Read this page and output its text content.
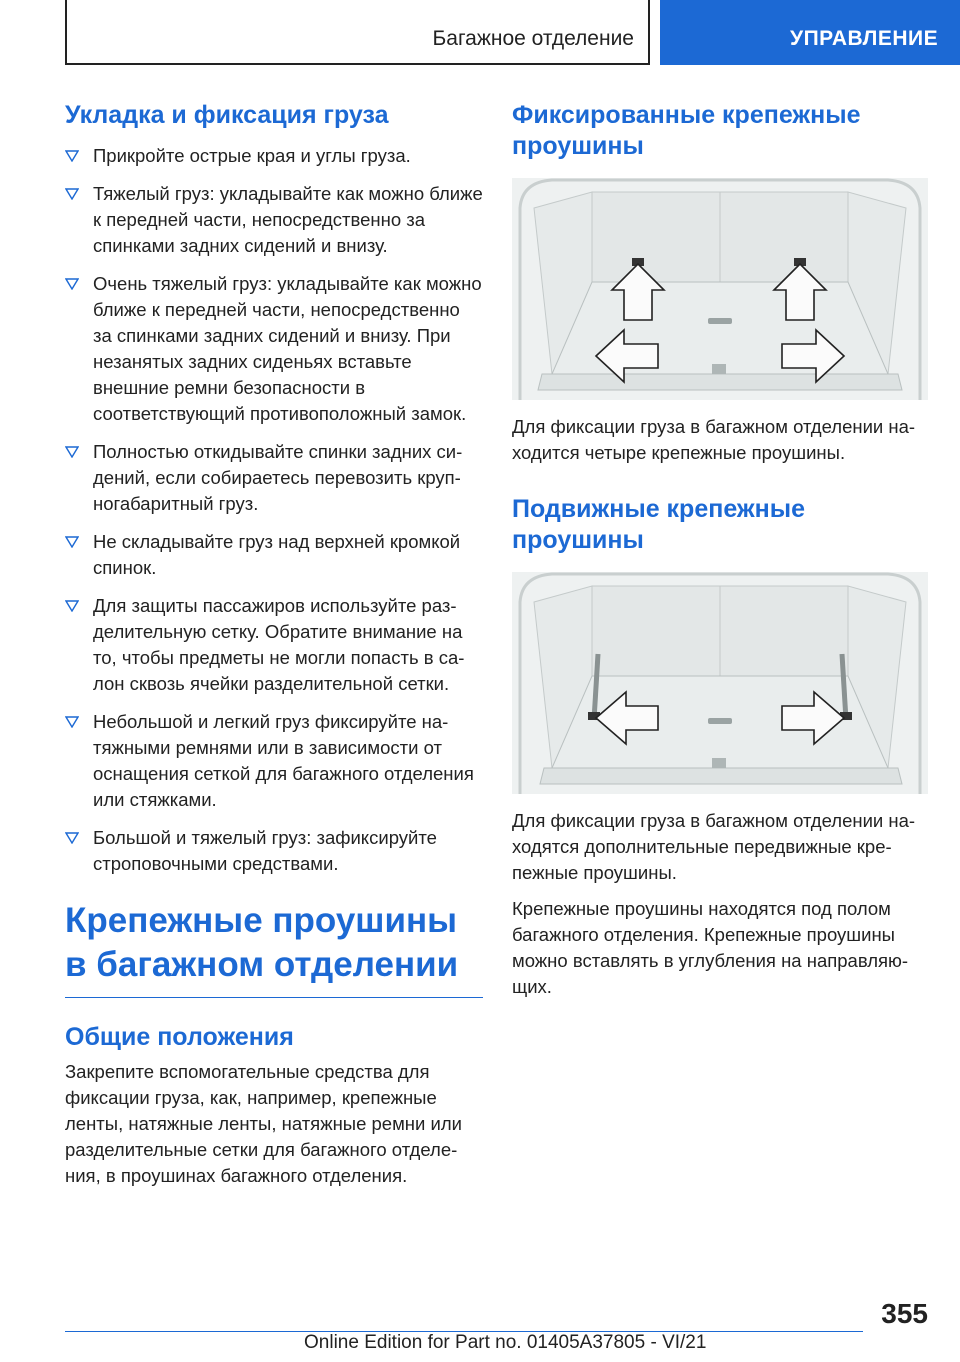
Багажное отделение	УПРАВЛЕНИЕ
Укладка и фиксация груза
Прикройте острые края и углы груза.
Тяжелый груз: укладывайте как можно ближе к передней части, непосредственно за спинками задних сидений и внизу.
Очень тяжелый груз: укладывайте как можно ближе к передней части, непосредственно за спинками задних сидений и внизу. При незанятых задних сиденьях вставьте внешние ремни безопасности в соответствующий противоположный замок.
Полностью откидывайте спинки задних сидений, если собираетесь перевозить крупногабаритный груз.
Не складывайте груз над верхней кромкой спинок.
Для защиты пассажиров используйте разделительную сетку. Обратите внимание на то, чтобы предметы не могли попасть в салон сквозь ячейки разделительной сетки.
Небольшой и легкий груз фиксируйте натяжными ремнями или в зависимости от оснащения сеткой для багажного отделения или стяжками.
Большой и тяжелый груз: зафиксируйте строповочными средствами.
Крепежные проушины в багажном отделении
Общие положения
Закрепите вспомогательные средства для фиксации груза, как, например, крепежные ленты, натяжные ленты, натяжные ремни или разделительные сетки для багажного отделения, в проушинах багажного отделения.
Фиксированные крепежные проушины
Для фиксации груза в багажном отделении находится четыре крепежные проушины.
Подвижные крепежные проушины
Для фиксации груза в багажном отделении находятся дополнительные передвижные крепежные проушины.
Крепежные проушины находятся под полом багажного отделения. Крепежные проушины можно вставлять в углубления на направляющих.
355
Online Edition for Part no. 01405A37805 - VI/21
